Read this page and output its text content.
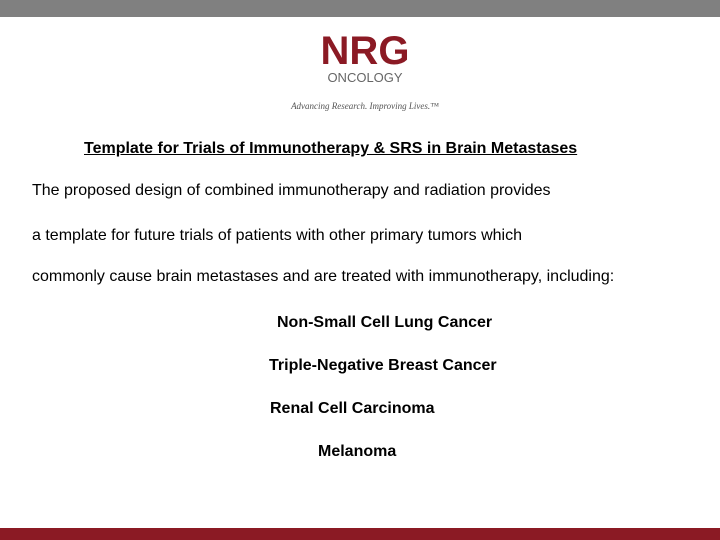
NRG
ONCOLOGY
Advancing Research. Improving Lives.™
Template for Trials of Immunotherapy & SRS in Brain Metastases
The proposed design of combined immunotherapy and radiation provides
a template for future trials of patients with other primary tumors which
commonly cause brain metastases and are treated with immunotherapy, including:
Non-Small Cell Lung Cancer
Triple-Negative Breast Cancer
Renal Cell Carcinoma
Melanoma
